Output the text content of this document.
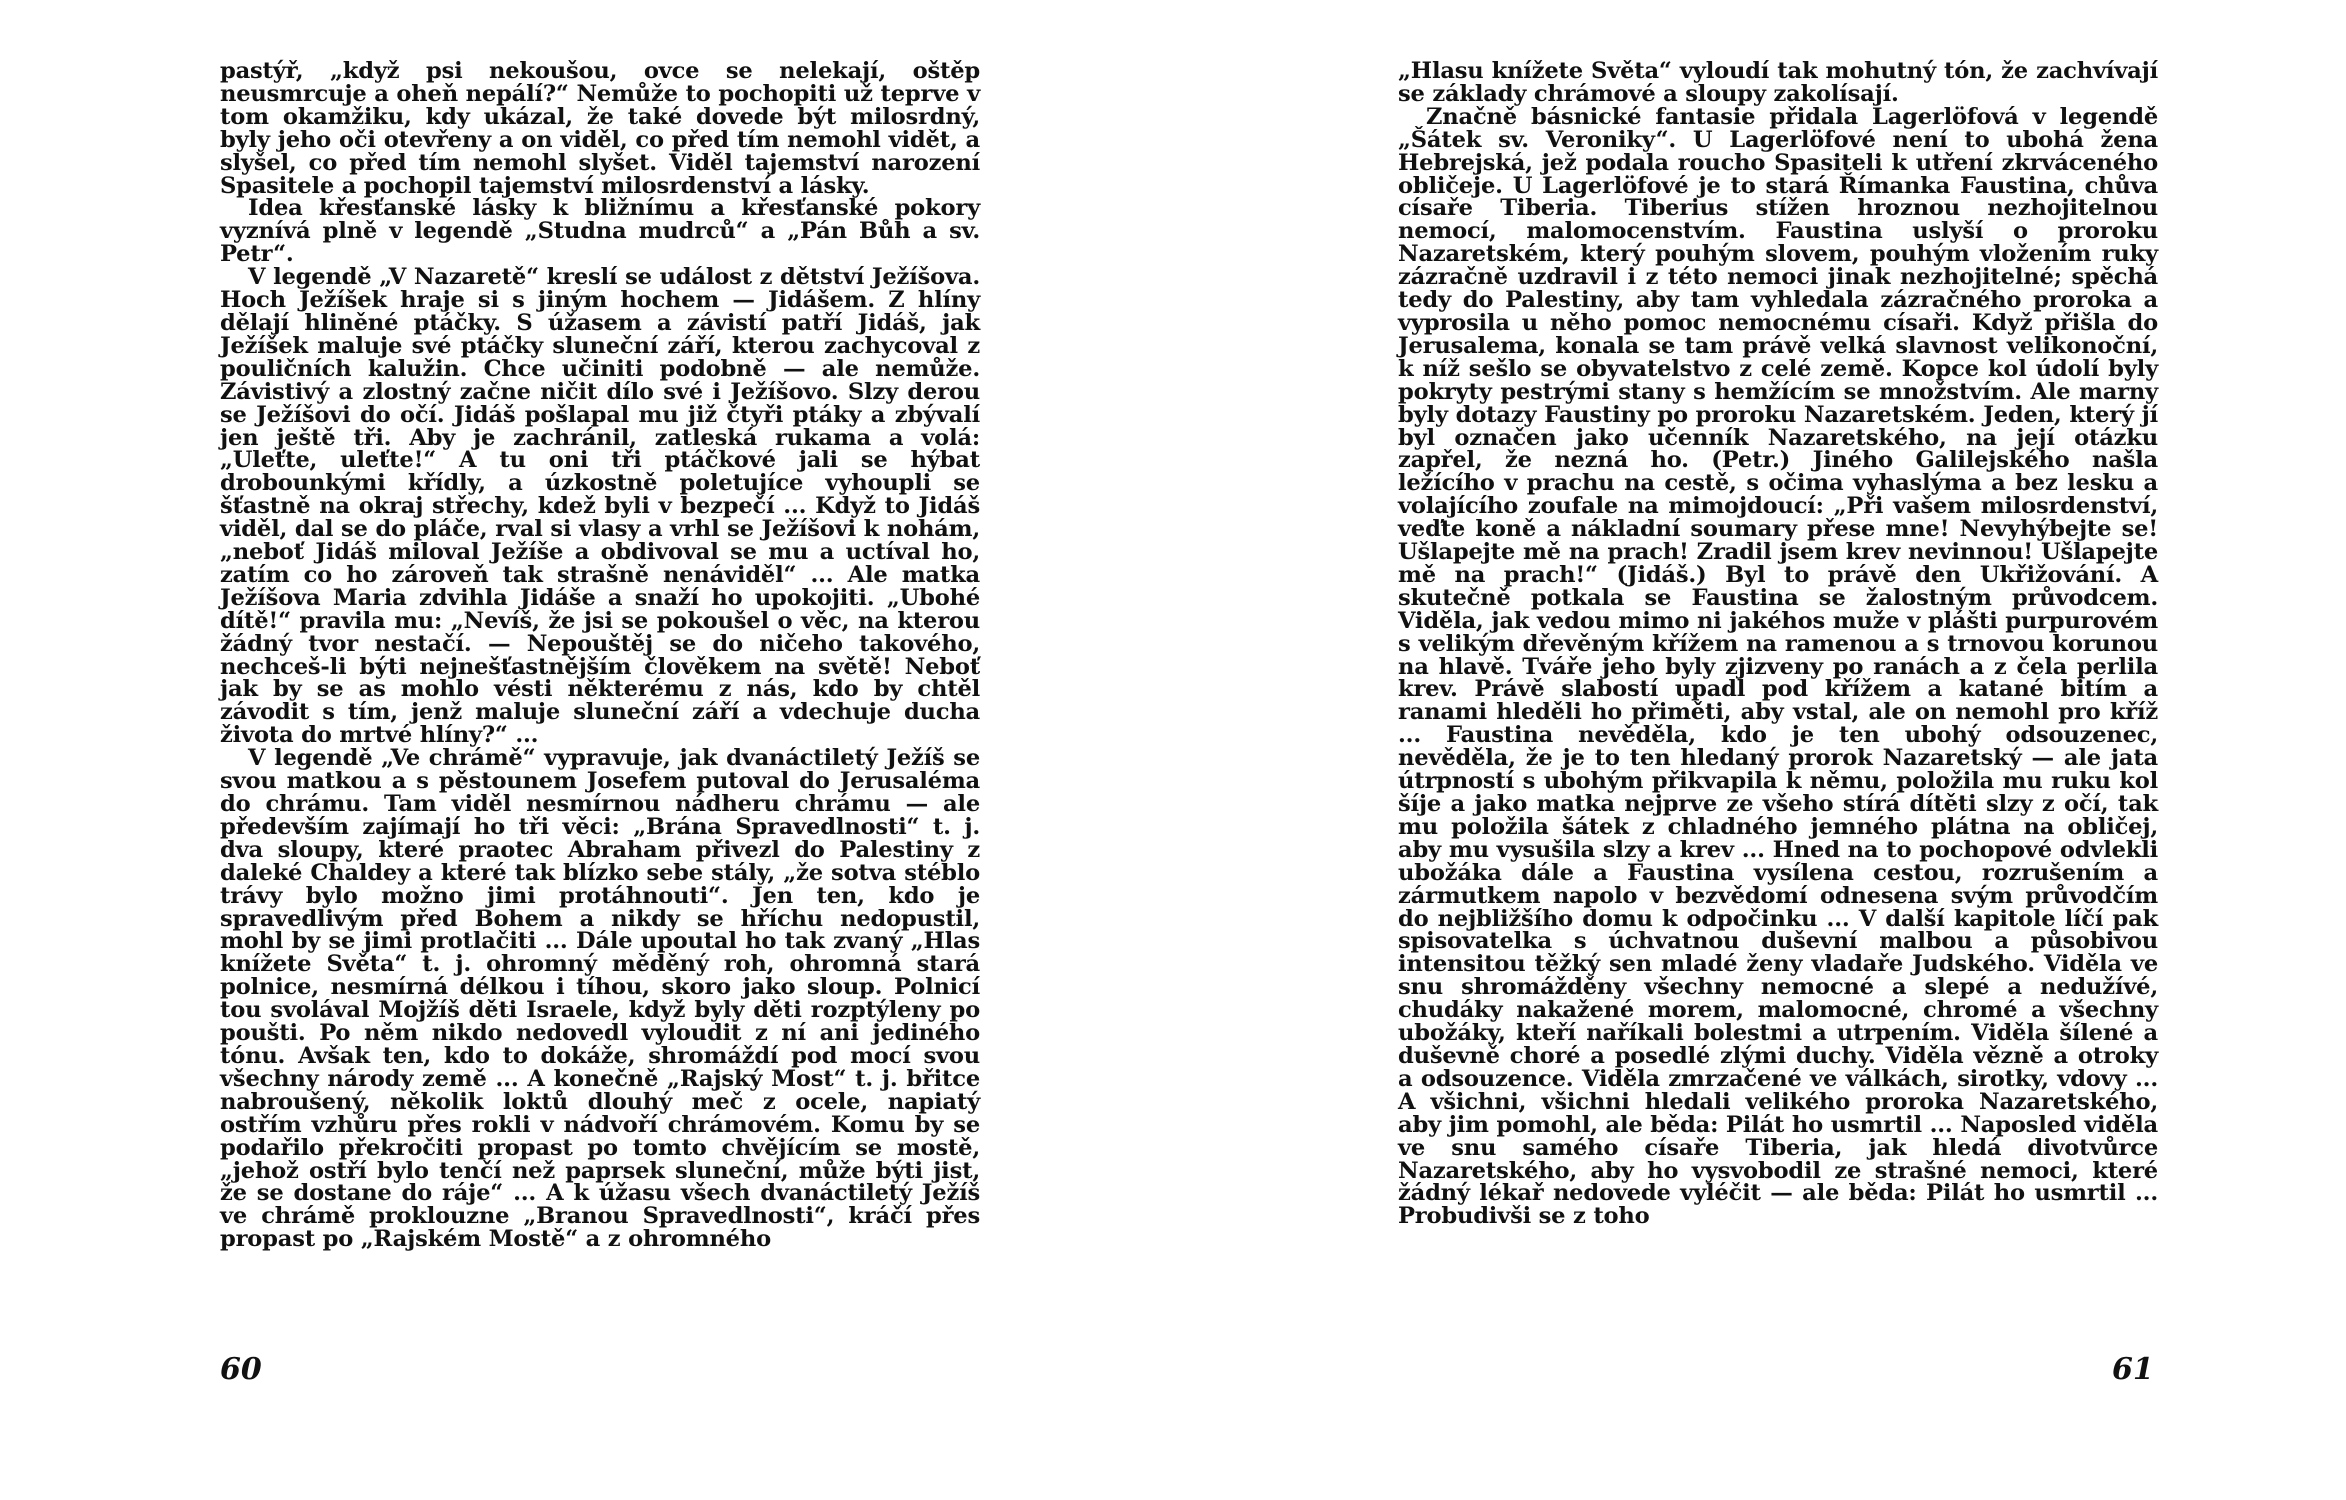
pastýř, „když psi nekoušou, ovce se nelekají, oštěp neusmrcuje a oheň nepálí?“ Nemůže to pochopiti už teprve v tom okamžiku, kdy ukázal, že také dovede být milosrdný, byly jeho oči otevřeny a on viděl, co před tím nemohl vidět, a slyšel, co před tím nemohl slyšet. Viděl tajemství narození Spasitele a pochopil tajemství milosrdenství a lásky.

Idea křesťanské lásky k bližnímu a křesťanské pokory vyznívá plně v legendě „Studna mudrců“ a „Pán Bůh a sv. Petr“.

V legendě „V Nazaretě“ kreslí se událost z dětství Ježíšova. Hoch Ježíšek hraje si s jiným hochem — Jidášem. Z hlíny dělají hliněné ptáčky. S úžasem a závistí patří Jidáš, jak Ježíšek maluje své ptáčky sluneční září, kterou zachycoval z pouličních kalužin. Chce učiniti podobně — ale nemůže. Závistivý a zlostný začne ničit dílo své i Ježíšovo. Slzy derou se Ježíšovi do očí. Jidáš pošlapal mu již čtyři ptáky a zbývalí jen ještě tři. Aby je zachránil, zatleská rukama a volá: „Uleťte, uleťte!“ A tu oni tři ptáčkové jali se hýbat drobounkými křídly, a úzkostně poletujíce vyhoupli se šťastně na okraj střechy, kdež byli v bezpečí ... Když to Jidáš viděl, dal se do pláče, rval si vlasy a vrhl se Ježíšovi k nohám, „neboť Jidáš miloval Ježíše a obdivoval se mu a uctíval ho, zatím co ho zároveň tak strašně nenáviděl“ ... Ale matka Ježíšova Maria zdvihla Jidáše a snaží ho upokojiti. „Ubohé dítě!“ pravila mu: „Nevíš, že jsi se pokoušel o věc, na kterou žádný tvor nestačí. — Nepouštěj se do ničeho takového, nechceš-li býti nejnešťastnějším člověkem na světě! Neboť jak by se as mohlo vésti některému z nás, kdo by chtěl závodit s tím, jenž maluje sluneční září a vdechuje ducha života do mrtvé hlíny?“ ...

V legendě „Ve chrámě“ vypravuje, jak dvanáctiletý Ježíš se svou matkou a s pěstounem Josefem putoval do Jerusaléma do chrámu. Tam viděl nesmírnou nádheru chrámu — ale především zajímají ho tři věci: „Brána Spravedlnosti“ t. j. dva sloupy, které praotec Abraham přivezl do Palestiny z daleké Chaldey a které tak blízko sebe stály, „že sotva stéblo trávy bylo možno jimi protáhnouti“. Jen ten, kdo je spravedlivým před Bohem a nikdy se hříchu nedopustil, mohl by se jimi protlačiti ... Dále upoutal ho tak zvaný „Hlas knížete Světa“ t. j. ohromný měděný roh, ohromná stará polnice, nesmírná délkou i tíhou, skoro jako sloup. Polnicí tou svolával Mojžíš děti Israele, když byly děti rozptýleny po poušti. Po něm nikdo nedovedl vyloudit z ní ani jediného tónu. Avšak ten, kdo to dokáže, shromáždí pod mocí svou všechny národy země ... A konečně „Rajský Most“ t. j. břitce nabroušený, několik loktů dlouhý meč z ocele, napiatý ostřím vzhůru přes rokli v nádvoří chrámovém. Komu by se podařilo překročiti propast po tomto chvějícím se mostě, „jehož ostří bylo tenčí než paprsek sluneční, může býti jist, že se dostane do ráje“ ... A k úžasu všech dvanáctiletý Ježíš ve chrámě proklouzne „Branou Spravedlnosti“, kráčí přes propast po „Rajském Mostě“ a z ohromného

60

„Hlasu knížete Světa“ vyloudí tak mohutný tón, že zachvívají se základy chrámové a sloupy zakolísají.

Značně básnické fantasie přidala Lagerlöfová v legendě „Šátek sv. Veroniky“. U Lagerlöfové není to ubohá žena Hebrejská, jež podala roucho Spasiteli k utření zkrváceného obličeje. U Lagerlöfové je to stará Římanka Faustina, chůva císaře Tiberia. Tiberius stížen hroznou nezhojitelnou nemocí, malomocenstvím. Faustina uslyší o proroku Nazaretském, který pouhým slovem, pouhým vložením ruky zázračně uzdravil i z této nemoci jinak nezhojitelné; spěchá tedy do Palestiny, aby tam vyhledala zázračného proroka a vyprosila u něho pomoc nemocnému císaři. Když přišla do Jerusalema, konala se tam právě velká slavnost velikonoční, k níž sešlo se obyvatelstvo z celé země. Kopce kol údolí byly pokryty pestrými stany s hemžícím se množstvím. Ale marny byly dotazy Faustiny po proroku Nazaretském. Jeden, který jí byl označen jako učenník Nazaretského, na její otázku zapřel, že nezná ho. (Petr.) Jiného Galilejského našla ležícího v prachu na cestě, s očima vyhaslýma a bez lesku a volajícího zoufale na mimojdoucí: „Při vašem milosrdenství, veďte koně a nákladní soumary přese mne! Nevyhýbejte se! Ušlapejte mě na prach! Zradil jsem krev nevinnou! Ušlapejte mě na prach!“ (Jidáš.) Byl to právě den Ukřižování. A skutečně potkala se Faustina se žalostným průvodcem. Viděla, jak vedou mimo ni jakéhos muže v plášti purpurovém s velikým dřevěným křížem na ramenou a s trnovou korunou na hlavě. Tváře jeho byly zjizveny po ranách a z čela perlila krev. Právě slabostí upadl pod křížem a katané bitím a ranami hleděli ho přiměti, aby vstal, ale on nemohl pro kříž ... Faustina nevěděla, kdo je ten ubohý odsouzenec, nevěděla, že je to ten hledaný prorok Nazaretský — ale jata útrpností s ubohým přikvapila k němu, položila mu ruku kol šíje a jako matka nejprve ze všeho stírá dítěti slzy z očí, tak mu položila šátek z chladného jemného plátna na obličej, aby mu vysušila slzy a krev ... Hned na to pochopové odvlekli ubožáka dále a Faustina vysílena cestou, rozrušením a zármutkem napolo v bezvědomí odnesena svým průvodčím do nejbližšího domu k odpočinku ... V další kapitole líčí pak spisovatelka s úchvatnou duševní malbou a působivou intensitou těžký sen mladé ženy vladaře Judského. Viděla ve snu shromážděny všechny nemocné a slepé a nedužívé, chudáky nakažené morem, malomocné, chromé a všechny ubožáky, kteří naříkali bolestmi a utrpením. Viděla šílené a duševně choré a posedlé zlými duchy. Viděla vězně a otroky a odsouzence. Viděla zmrzačené ve válkách, sirotky, vdovy ... A všichni, všichni hledali velikého proroka Nazaretského, aby jim pomohl, ale běda: Pilát ho usmrtil ... Naposled viděla ve snu samého císaře Tiberia, jak hledá divotvůrce Nazaretského, aby ho vysvobodil ze strašné nemoci, které žádný lékař nedovede vyléčit — ale běda: Pilát ho usmrtil ... Probudivši se z toho

61
